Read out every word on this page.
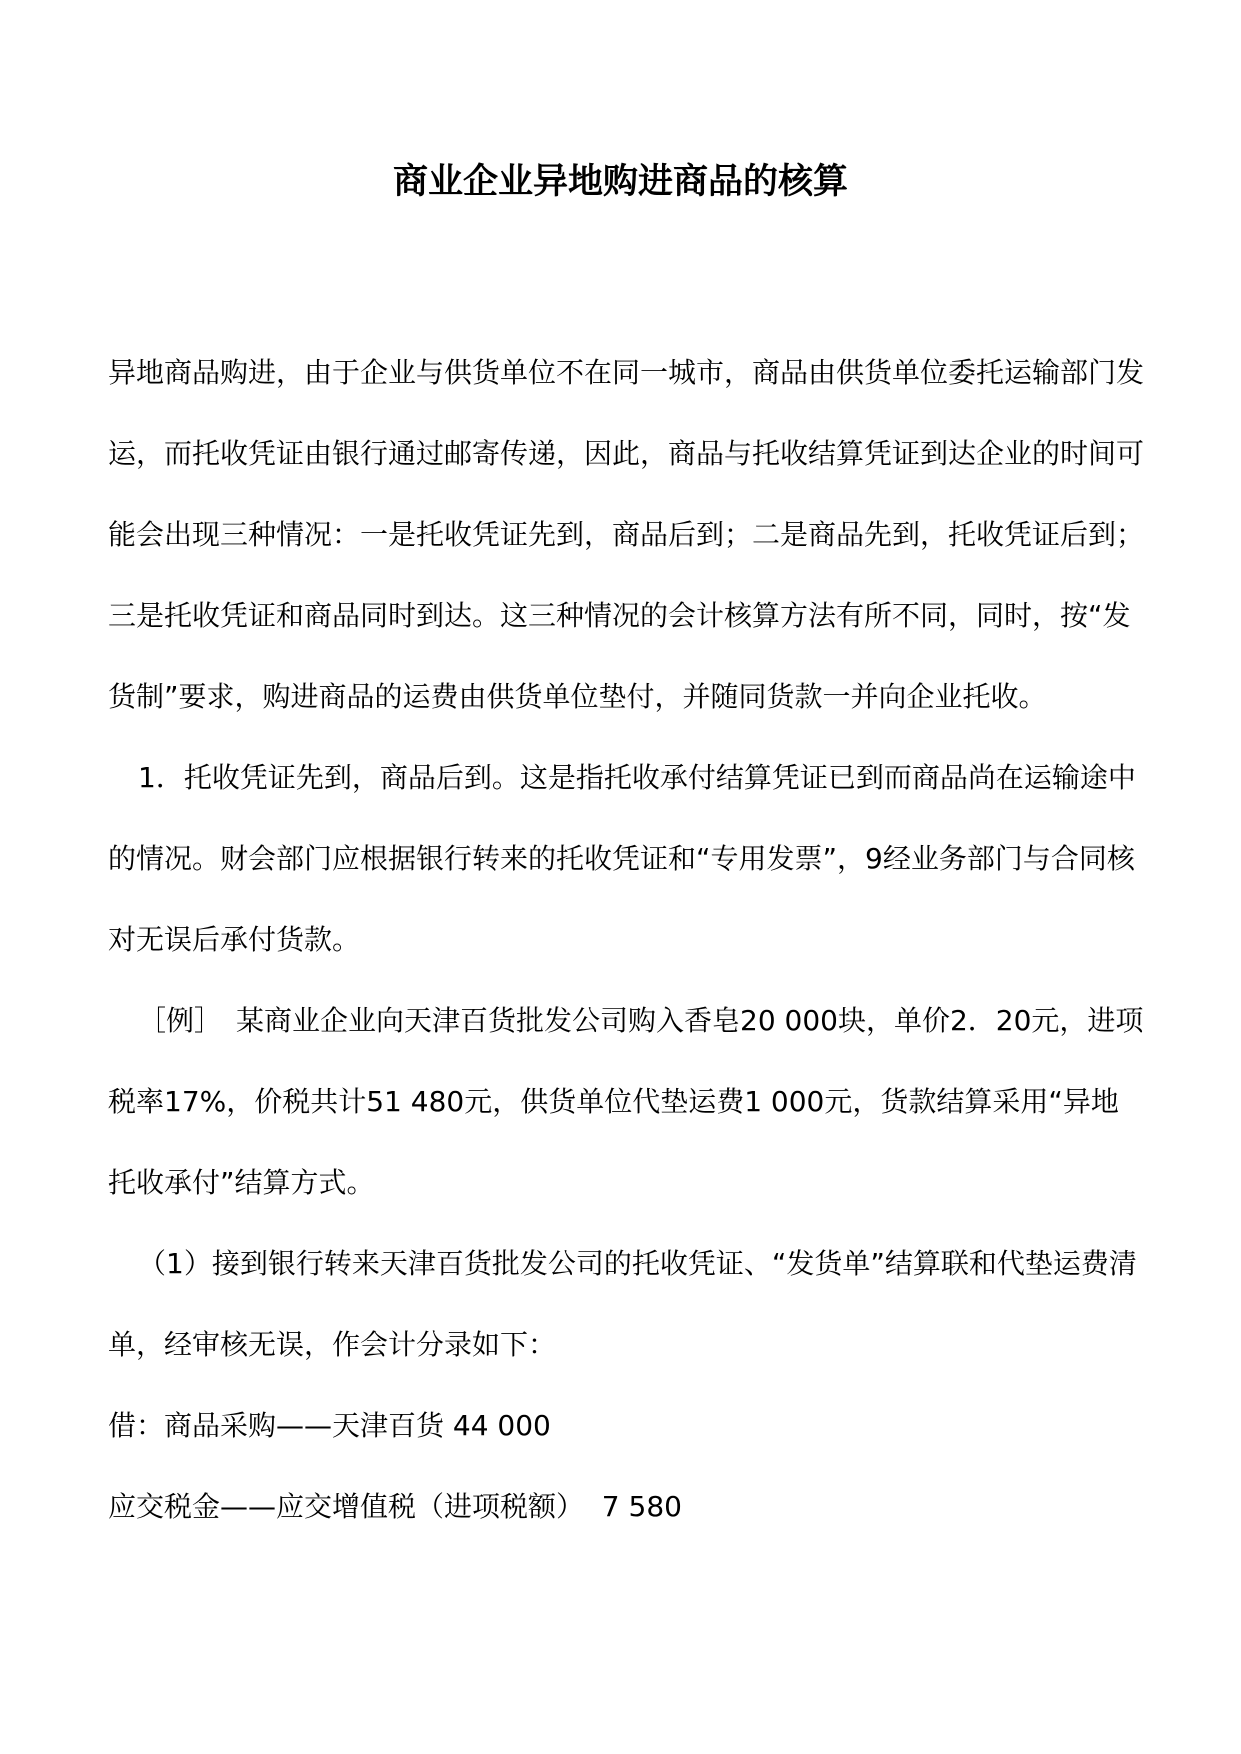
商业企业异地购进商品的核算

异地商品购进，由于企业与供货单位不在同一城市，商品由供货单位委托运输部门发运，而托收凭证由银行通过邮寄传递，因此，商品与托收结算凭证到达企业的时间可能会出现三种情况：一是托收凭证先到，商品后到；二是商品先到，托收凭证后到；三是托收凭证和商品同时到达。这三种情况的会计核算方法有所不同，同时，按“发货制”要求，购进商品的运费由供货单位垫付，并随同货款一并向企业托收。

1．托收凭证先到，商品后到。这是指托收承付结算凭证已到而商品尚在运输途中的情况。财会部门应根据银行转来的托收凭证和“专用发票”，9经业务部门与合同核对无误后承付货款。

［例］　某商业企业向天津百货批发公司购入香皂20 000块，单价2．20元，进项税率17%，价税共计51 480元，供货单位代垫运费1 000元，货款结算采用“异地托收承付”结算方式。

（1）接到银行转来天津百货批发公司的托收凭证、“发货单”结算联和代垫运费清单，经审核无误，作会计分录如下：

借：商品采购——天津百货 44 000

应交税金——应交增值税（进项税额）  7 580
